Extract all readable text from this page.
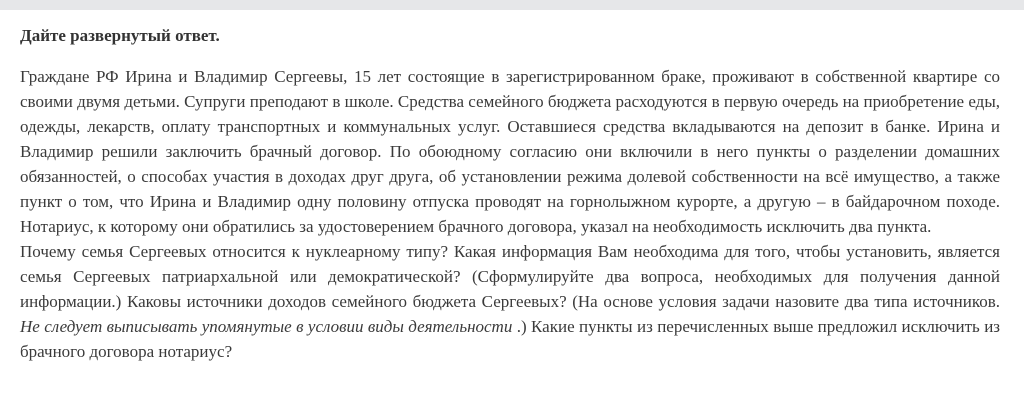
Дайте развернутый ответ.

Граждане РФ Ирина и Владимир Сергеевы, 15 лет состоящие в зарегистрированном браке, проживают в собственной квартире со своими двумя детьми. Супруги преподают в школе. Средства семейного бюджета расходуются в первую очередь на приобретение еды, одежды, лекарств, оплату транспортных и коммунальных услуг. Оставшиеся средства вкладываются на депозит в банке. Ирина и Владимир решили заключить брачный договор. По обоюдному согласию они включили в него пункты о разделении домашних обязанностей, о способах участия в доходах друг друга, об установлении режима долевой собственности на всё имущество, а также пункт о том, что Ирина и Владимир одну половину отпуска проводят на горнолыжном курорте, а другую – в байдарочном походе. Нотариус, к которому они обратились за удостоверением брачного договора, указал на необходимость исключить два пункта.

Почему семья Сергеевых относится к нуклеарному типу? Какая информация Вам необходима для того, чтобы установить, является семья Сергеевых патриархальной или демократической? (Сформулируйте два вопроса, необходимых для получения данной информации.) Каковы источники доходов семейного бюджета Сергеевых? (На основе условия задачи назовите два типа источников. Не следует выписывать упомянутые в условии виды деятельности .) Какие пункты из перечисленных выше предложил исключить из брачного договора нотариус?
